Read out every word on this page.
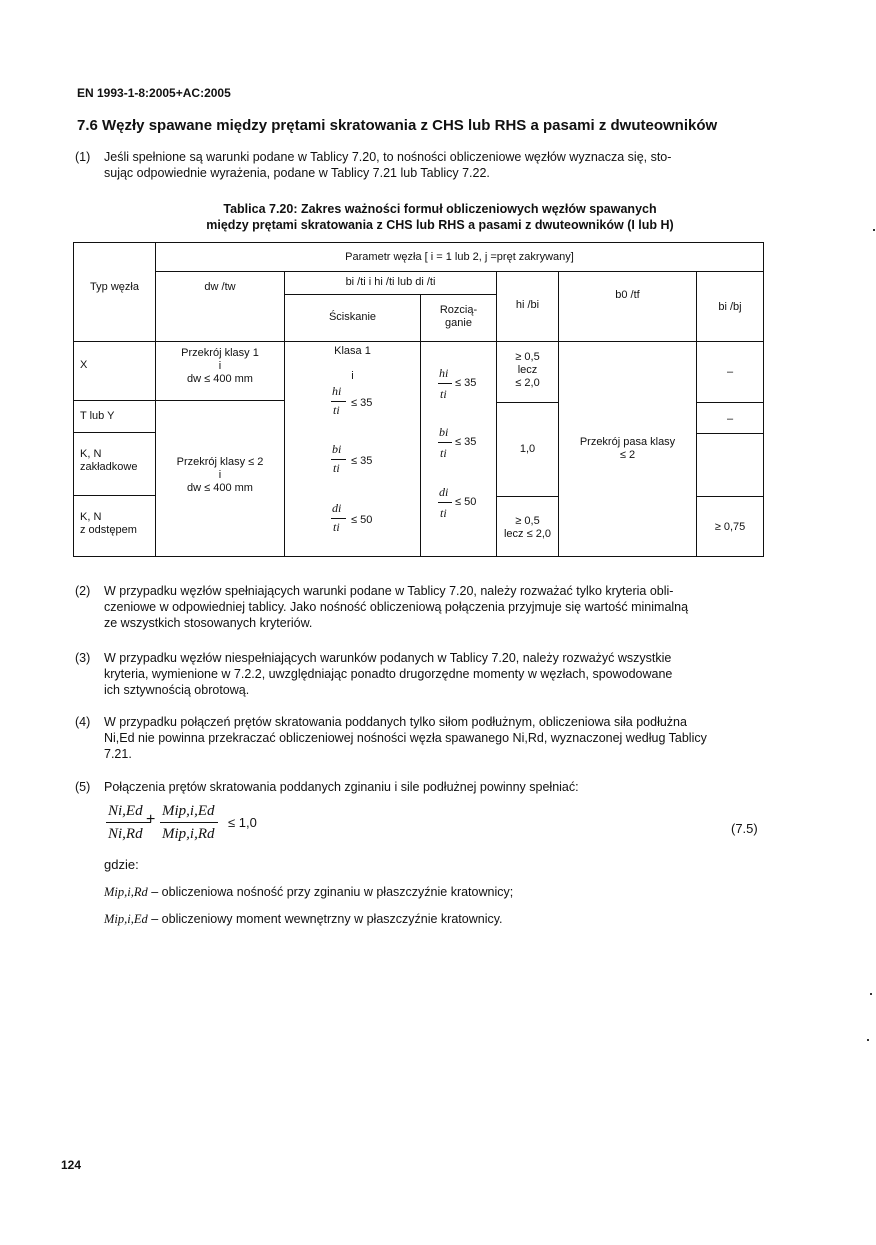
EN 1993-1-8:2005+AC:2005
7.6 Węzły spawane między prętami skratowania z CHS lub RHS a pasami z dwuteowników
(1) Jeśli spełnione są warunki podane w Tablicy 7.20, to nośności obliczeniowe węzłów wyznacza się, sto-
sując odpowiednie wyrażenia, podane w Tablicy 7.21 lub Tablicy 7.22.
Tablica 7.20: Zakres ważności formuł obliczeniowych węzłów spawanych
między prętami skratowania z CHS lub RHS a pasami z dwuteowników (I lub H)
Typ węzła
Parametr węzła [ i = 1 lub 2, j =pręt zakrywany]
dw /tw	bi /ti i hi /ti lub di /ti
Ściskanie
Rozcią-
ganie
hi /bi
b0 /tf
bi /bj
X
T lub Y
K, N
zakładkowe
K, N
z odstępem
Przekrój klasy 1
i
dw ≤ 400 mm
Przekrój klasy ≤ 2
i
dw ≤ 400 mm
Klasa 1
i
hi
ti ≤ 35
bi
ti ≤ 35
di
ti ≤ 50
hi
ti
≤ 35
bi
ti
≤ 35
di
ti
≤ 50
≥ 0,5
lecz
≤ 2,0
1,0
≥ 0,5
lecz ≤ 2,0
Przekrój pasa klasy
≤ 2
–
–
≥ 0,75
(2) W przypadku węzłów spełniających warunki podane w Tablicy 7.20, należy rozważać tylko kryteria obli-
czeniowe w odpowiedniej tablicy. Jako nośność obliczeniową połączenia przyjmuje się wartość minimalną
ze wszystkich stosowanych kryteriów.
(3) W przypadku węzłów niespełniających warunków podanych w Tablicy 7.20, należy rozważyć wszystkie
kryteria, wymienione w 7.2.2, uwzględniając ponadto drugorzędne momenty w węzłach, spowodowane
ich sztywnością obrotową.
(4) W przypadku połączeń prętów skratowania poddanych tylko siłom podłużnym, obliczeniowa siła podłużna
Ni,Ed nie powinna przekraczać obliczeniowej nośności węzła spawanego Ni,Rd, wyznaczonej według Tablicy
7.21.
(5) Połączenia prętów skratowania poddanych zginaniu i sile podłużnej powinny spełniać:
Ni,Ed
Ni,Rd
+ Mip,i,Ed
Mip,i,Rd
≤ 1,0	(7.5)
gdzie:
Mip,i,Rd – obliczeniowa nośność przy zginaniu w płaszczyźnie kratownicy;
Mip,i,Ed – obliczeniowy moment wewnętrzny w płaszczyźnie kratownicy.
124
